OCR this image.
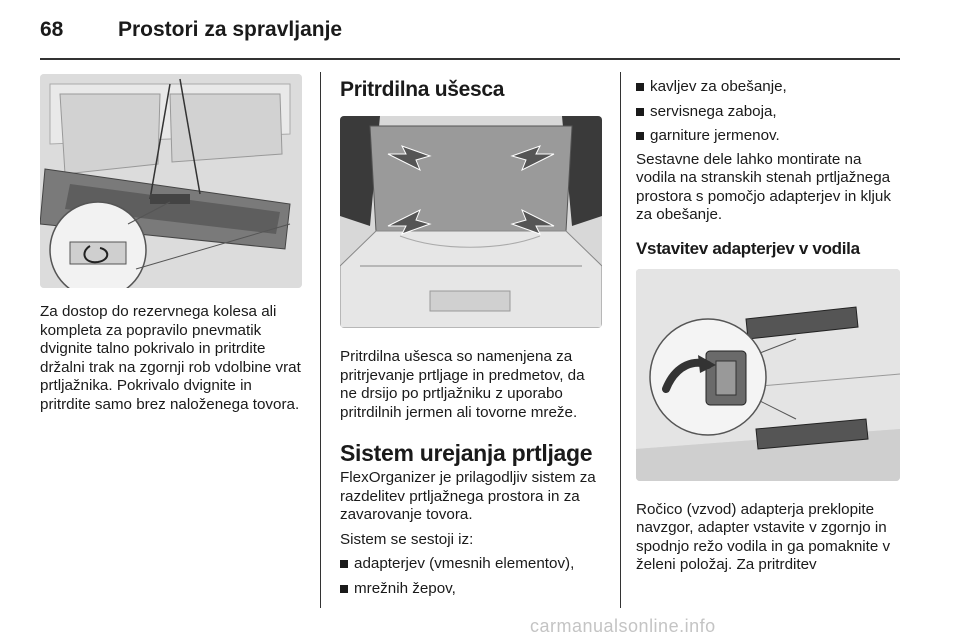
68	Prostori za spravljanje

Za dostop do rezervnega kolesa ali kompleta za popravilo pnevmatik dvignite talno pokrivalo in pritrdite držalni trak na zgornji rob vdolbine vrat prtljažnika. Pokrivalo dvignite in pritrdite samo brez naloženega tovora.

Pritrdilna ušesca

Pritrdilna ušesca so namenjena za pritrjevanje prtljage in predmetov, da ne drsijo po prtljažniku z uporabo pritrdilnih jermen ali tovorne mreže.

Sistem urejanja prtljage

FlexOrganizer je prilagodljiv sistem za razdelitev prtljažnega prostora in za zavarovanje tovora.

Sistem se sestoji iz:

adapterjev (vmesnih elementov),
mrežnih žepov,
kavljev za obešanje,
servisnega zaboja,
garniture jermenov.

Sestavne dele lahko montirate na vodila na stranskih stenah prtljažnega prostora s pomočjo adapterjev in kljuk za obešanje.

Vstavitev adapterjev v vodila

Ročico (vzvod) adapterja preklopite navzgor, adapter vstavite v zgornjo in spodnjo režo vodila in ga pomaknite v želeni položaj. Za pritrditev

carmanualsonline.info
